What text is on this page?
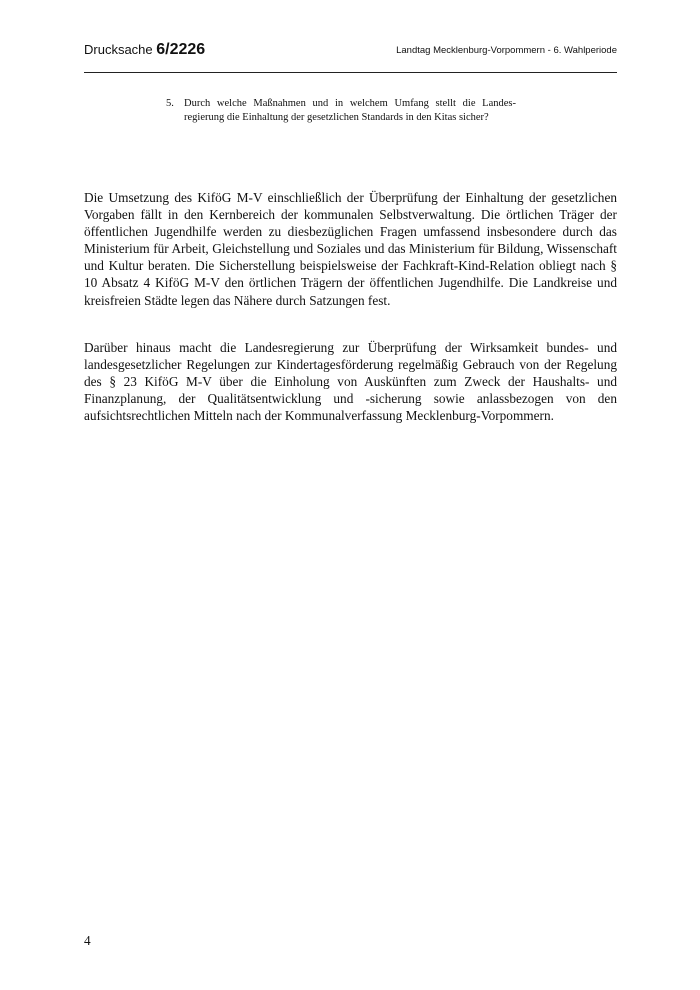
Drucksache 6/2226	Landtag Mecklenburg-Vorpommern - 6. Wahlperiode
5. Durch welche Maßnahmen und in welchem Umfang stellt die Landes-regierung die Einhaltung der gesetzlichen Standards in den Kitas sicher?

Die Umsetzung des KiföG M-V einschließlich der Überprüfung der Einhaltung der gesetzlichen Vorgaben fällt in den Kernbereich der kommunalen Selbstverwaltung. Die örtlichen Träger der öffentlichen Jugendhilfe werden zu diesbezüglichen Fragen umfassend insbesondere durch das Ministerium für Arbeit, Gleichstellung und Soziales und das Ministerium für Bildung, Wissenschaft und Kultur beraten. Die Sicherstellung beispielsweise der Fachkraft-Kind-Relation obliegt nach § 10 Absatz 4 KiföG M-V den örtlichen Trägern der öffentlichen Jugendhilfe. Die Landkreise und kreisfreien Städte legen das Nähere durch Satzungen fest.

Darüber hinaus macht die Landesregierung zur Überprüfung der Wirksamkeit bundes- und landesgesetzlicher Regelungen zur Kindertagesförderung regelmäßig Gebrauch von der Regelung des § 23 KiföG M-V über die Einholung von Auskünften zum Zweck der Haushalts- und Finanzplanung, der Qualitätsentwicklung und -sicherung sowie anlassbezogen von den aufsichtsrechtlichen Mitteln nach der Kommunalverfassung Mecklenburg-Vorpommern.

4
